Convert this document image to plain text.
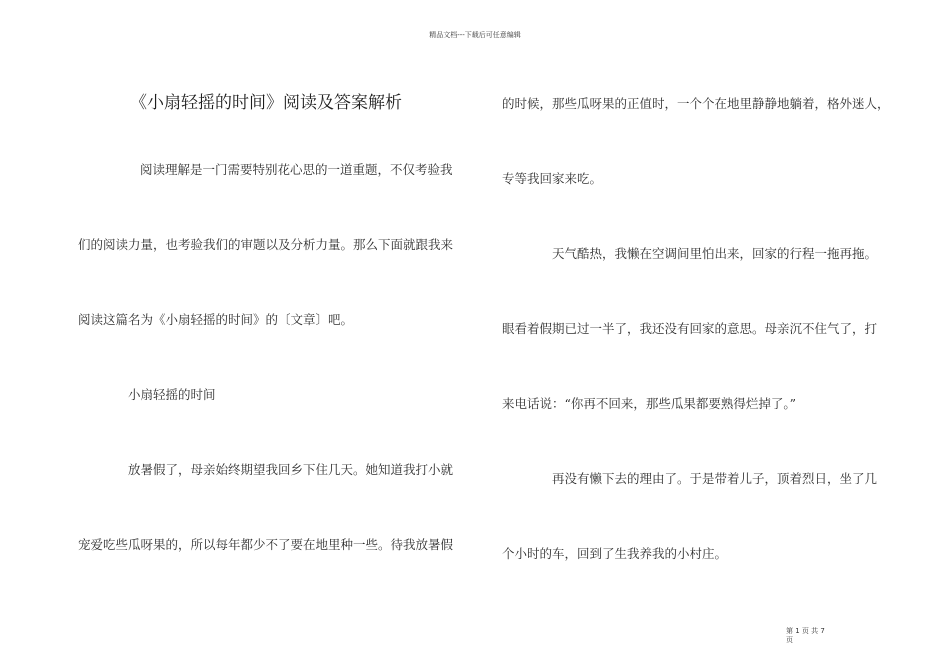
精品文档---下载后可任意编辑
《小扇轻摇的时间》阅读及答案解析
阅读理解是一门需要特别花心思的一道重题，不仅考验我
们的阅读力量，也考验我们的审题以及分析力量。那么下面就跟我来
阅读这篇名为《小扇轻摇的时间》的〔文章〕吧。
小扇轻摇的时间
放暑假了，母亲始终期望我回乡下住几天。她知道我打小就
宠爱吃些瓜呀果的，所以每年都少不了要在地里种一些。待我放暑假
的时候，那些瓜呀果的正值时，一个个在地里静静地躺着，格外迷人，
专等我回家来吃。
天气酷热，我懒在空调间里怕出来，回家的行程一拖再拖。
眼看着假期已过一半了，我还没有回家的意思。母亲沉不住气了，打
来电话说：“你再不回来，那些瓜果都要熟得烂掉了。”
再没有懒下去的理由了。于是带着儿子，顶着烈日，坐了几
个小时的车，回到了生我养我的小村庄。
第 1 页 共 7
页
